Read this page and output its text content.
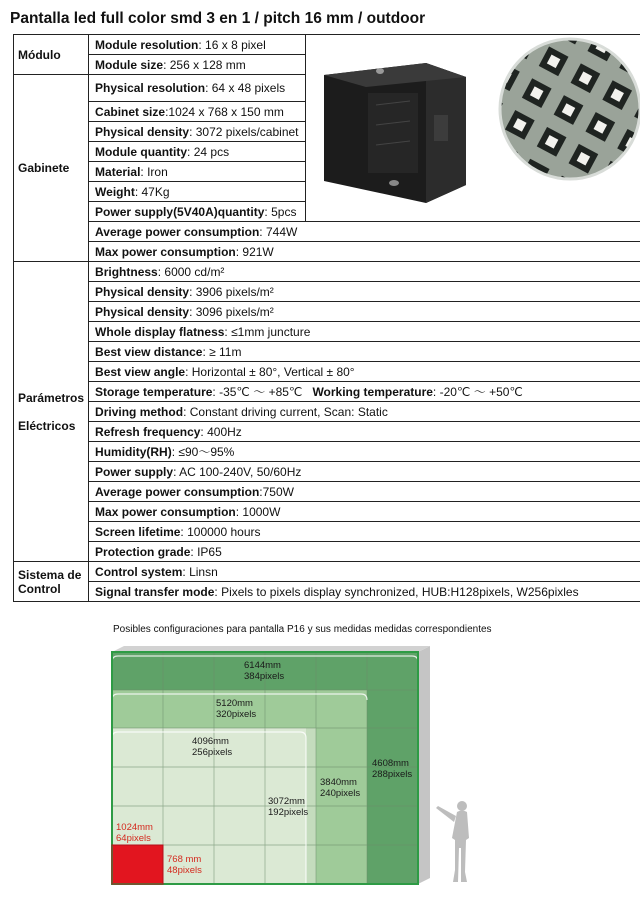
Pantalla led full color smd 3 en 1 / pitch 16 mm / outdoor
Módulo	Module resolution: 16 x 8 pixel	

	Module size: 256 x 128 mm	
Gabinete	Physical resolution: 64 x 48 pixels	
	Cabinet size:1024 x 768 x 150 mm	
	Physical density: 3072 pixels/cabinet	
	Module quantity: 24 pcs	
	Material: Iron	
	Weight: 47Kg	
	Power supply(5V40A)quantity: 5pcs	
	Average power consumption: 744W	
	Max power consumption: 921W	
Parámetros

Eléctricos	Brightness: 6000 cd/m²	
	Physical density: 3906 pixels/m²	
	Physical density: 3096 pixels/m²	
	Whole display flatness: ≤1mm juncture	
	Best view distance: ≥ 11m	
	Best view angle: Horizontal ± 80°, Vertical ± 80°	
	Storage temperature: -35℃ ～ +85℃ Working temperature: -20℃ ～ +50℃	
	Driving method: Constant driving current, Scan: Static	
	Refresh frequency: 400Hz	
	Humidity(RH): ≤90～95%	
	Power supply: AC 100-240V, 50/60Hz	
	Average power consumption:750W	
	Max power consumption: 1000W	
	Screen lifetime: 100000 hours	
	Protection grade: IP65	
Sistema de
Control	Control system: Linsn	
	Signal transfer mode: Pixels to pixels display synchronized, HUB:H128pixels, W256pixles	
Posibles configuraciones para pantalla P16 y sus medidas medidas correspondientes
6144mm
384pixels
5120mm
320pixels
4096mm
256pixels
3840mm
240pixels
3072mm
192pixels
4608mm
288pixels
1024mm
64pixels
768 mm
48pixels
